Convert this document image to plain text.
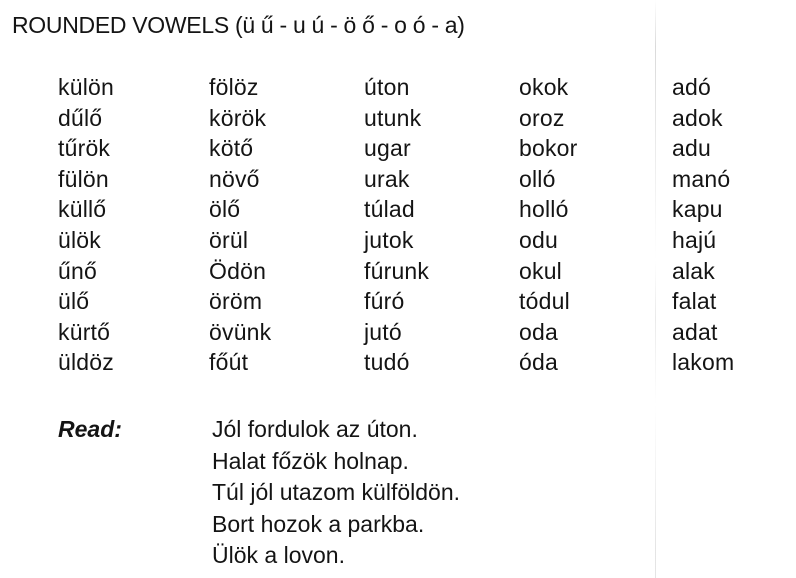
ROUNDED VOWELS (ü ű - u ú - ö ő - o ó - a)
külön
dűlő
tűrök
fülön
küllő
ülök
űnő
ülő
kürtő
üldöz
fölöz
körök
kötő
növő
ölő
örül
Ödön
öröm
övünk
főút
úton
utunk
ugar
urak
túlad
jutok
fúrunk
fúró
jutó
tudó
okok
oroz
bokor
olló
holló
odu
okul
tódul
oda
óda
adó
adok
adu
manó
kapu
hajú
alak
falat
adat
lakom
Read:	Jól fordulok az úton.
Halat főzök holnap.
Túl jól utazom külföldön.
Bort hozok a parkba.
Ülök a lovon.
